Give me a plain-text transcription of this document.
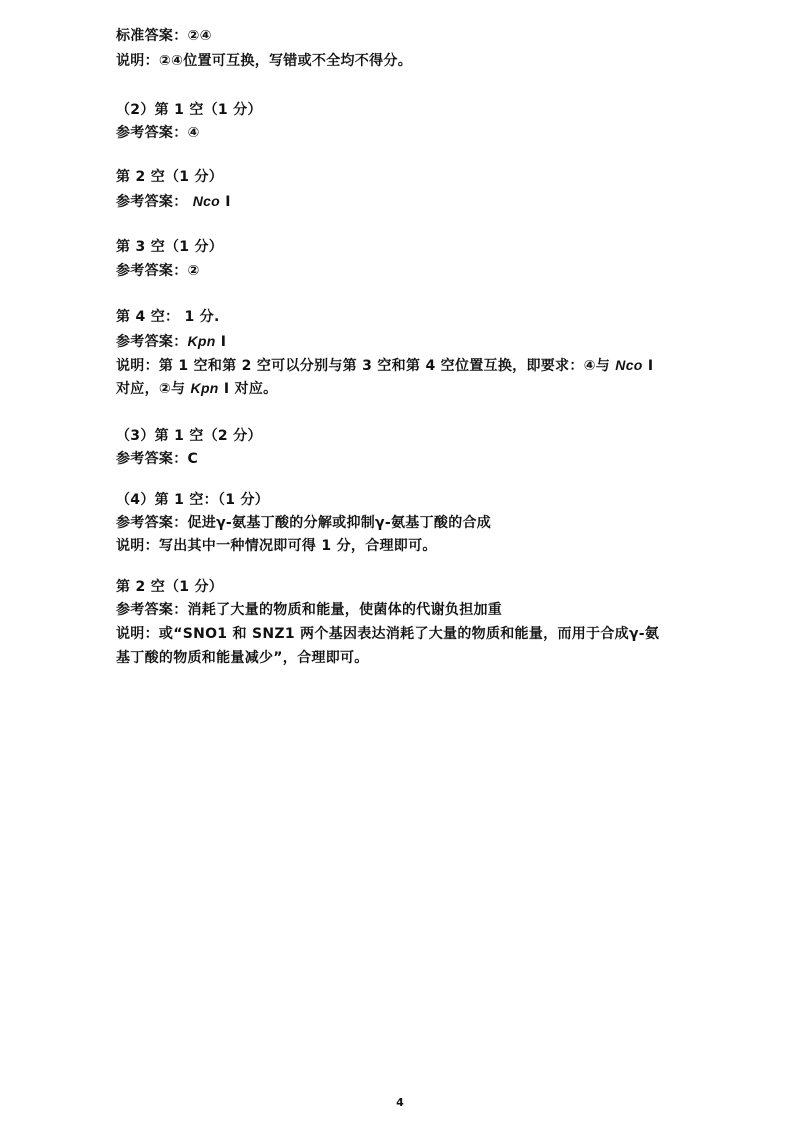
标准答案：②④
说明：②④位置可互换，写错或不全均不得分。
（2）第 1 空（1 分）
参考答案：④
第 2 空（1 分）
参考答案： Nco I
第 3 空（1 分）
参考答案：②
第 4 空： 1 分.
参考答案：Kpn I
说明：第 1 空和第 2 空可以分别与第 3 空和第 4 空位置互换，即要求：④与 Nco I
对应，②与 Kpn I 对应。
（3）第 1 空（2 分）
参考答案：C
（4）第 1 空：（1 分）
参考答案：促进γ-氨基丁酸的分解或抑制γ-氨基丁酸的合成
说明：写出其中一种情况即可得 1 分，合理即可。
第 2 空（1 分）
参考答案：消耗了大量的物质和能量，使菌体的代谢负担加重
说明：或“SNO1 和 SNZ1 两个基因表达消耗了大量的物质和能量，而用于合成γ-氨
基丁酸的物质和能量减少”，合理即可。
4
